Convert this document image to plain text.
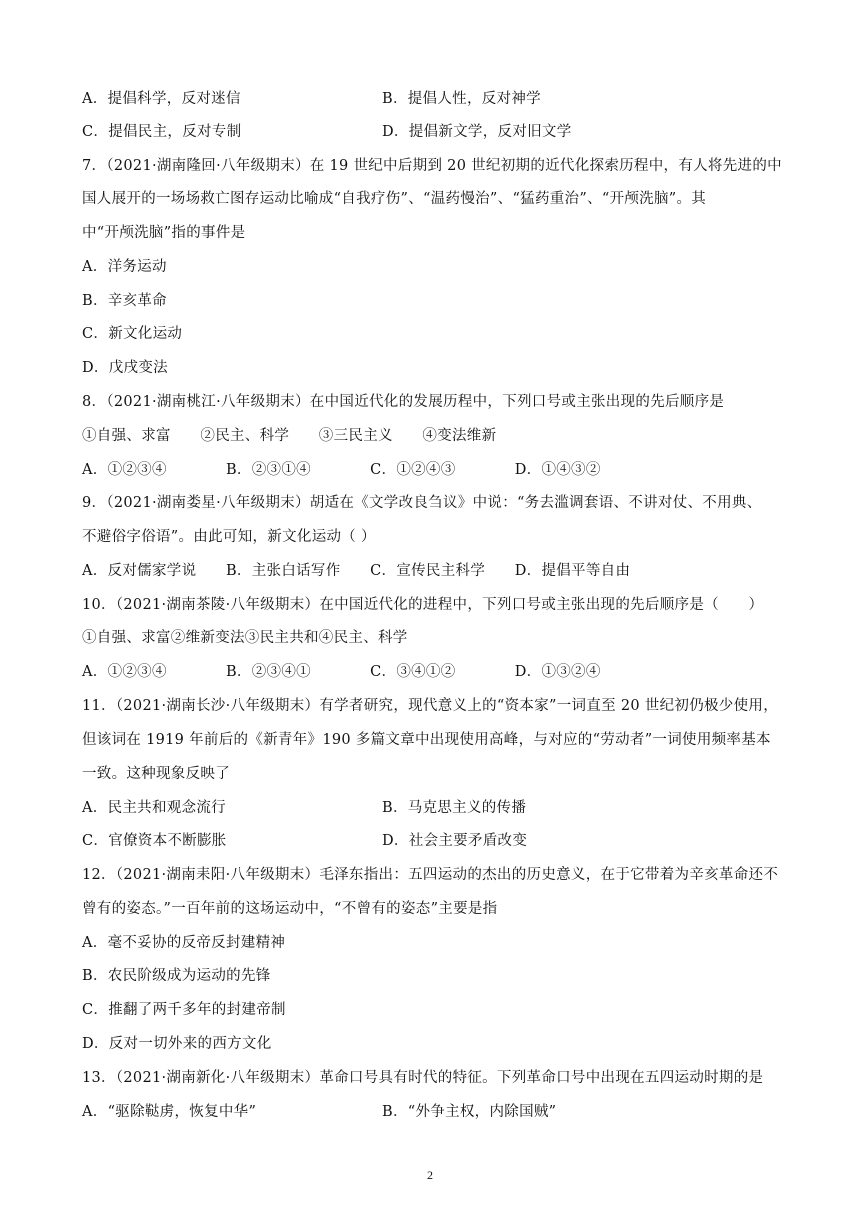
A．提倡科学，反对迷信	B．提倡人性，反对神学
C．提倡民主，反对专制	D．提倡新文学，反对旧文学
7．（2021·湖南隆回·八年级期末）在 19 世纪中后期到 20 世纪初期的近代化探索历程中，有人将先进的中
国人展开的一场场救亡图存运动比喻成“自我疗伤”、“温药慢治”、“猛药重治”、“开颅洗脑”。其
中“开颅洗脑”指的事件是
A．洋务运动
B．辛亥革命
C．新文化运动
D．戊戌变法
8．（2021·湖南桃江·八年级期末）在中国近代化的发展历程中，下列口号或主张出现的先后顺序是
①自强、求富　　②民主、科学　　③三民主义　　④变法维新
A．①②③④　　　　B．②③①④　　　　C．①②④③　　　　D．①④③②
9．（2021·湖南娄星·八年级期末）胡适在《文学改良刍议》中说：“务去滥调套语、不讲对仗、不用典、
不避俗字俗语”。由此可知，新文化运动（ ）
A．反对儒家学说　　B．主张白话写作　　C．宣传民主科学　　D．提倡平等自由
10．（2021·湖南茶陵·八年级期末）在中国近代化的进程中，下列口号或主张出现的先后顺序是（　　）
①自强、求富②维新变法③民主共和④民主、科学
A．①②③④　　　　B．②③④①　　　　C．③④①②　　　　D．①③②④
11．（2021·湖南长沙·八年级期末）有学者研究，现代意义上的“资本家”一词直至 20 世纪初仍极少使用，
但该词在 1919 年前后的《新青年》190 多篇文章中出现使用高峰，与对应的“劳动者”一词使用频率基本
一致。这种现象反映了
A．民主共和观念流行	B．马克思主义的传播
C．官僚资本不断膨胀	D．社会主要矛盾改变
12．（2021·湖南耒阳·八年级期末）毛泽东指出：五四运动的杰出的历史意义，在于它带着为辛亥革命还不
曾有的姿态。”一百年前的这场运动中，“不曾有的姿态”主要是指
A．毫不妥协的反帝反封建精神
B．农民阶级成为运动的先锋
C．推翻了两千多年的封建帝制
D．反对一切外来的西方文化
13．（2021·湖南新化·八年级期末）革命口号具有时代的特征。下列革命口号中出现在五四运动时期的是
A．“驱除鞑虏，恢复中华”	B．“外争主权，内除国贼”
2
